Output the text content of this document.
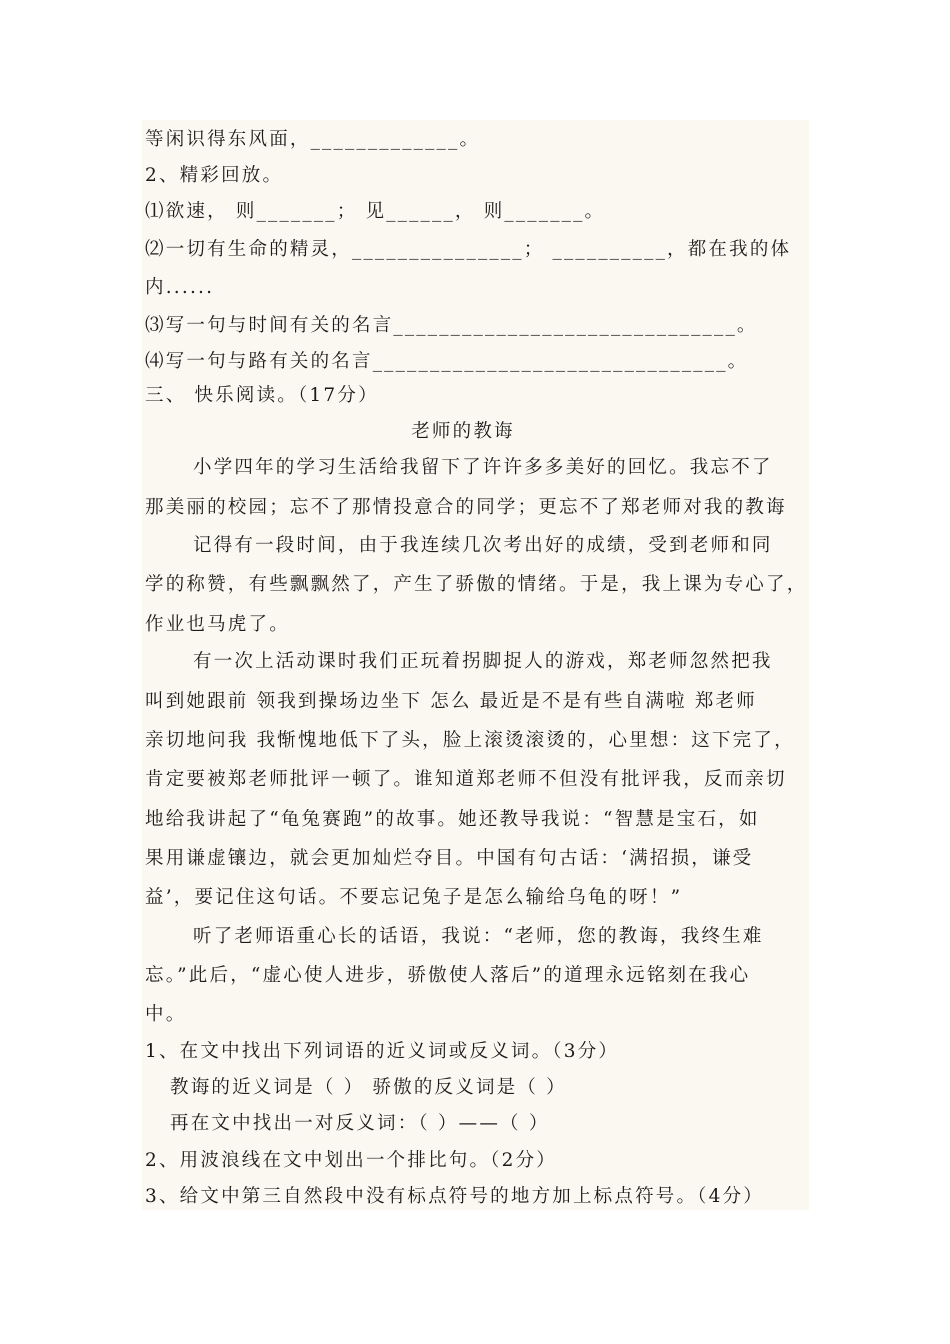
等闲识得东风面，_____________。
2、精彩回放。
⑴欲速， 则_______； 见______， 则_______。
⑵一切有生命的精灵，_______________； __________，都在我的体
内......
⑶写一句与时间有关的名言______________________________。
⑷写一句与路有关的名言_______________________________。
三、 快乐阅读。（17分）
老师的教诲
小学四年的学习生活给我留下了许许多多美好的回忆。我忘不了
那美丽的校园；忘不了那情投意合的同学；更忘不了郑老师对我的教诲
记得有一段时间，由于我连续几次考出好的成绩，受到老师和同
学的称赞，有些飘飘然了，产生了骄傲的情绪。于是，我上课为专心了，
作业也马虎了。
有一次上活动课时我们正玩着拐脚捉人的游戏，郑老师忽然把我
叫到她跟前 领我到操场边坐下 怎么 最近是不是有些自满啦 郑老师
亲切地问我 我惭愧地低下了头，脸上滚烫滚烫的，心里想：这下完了，
肯定要被郑老师批评一顿了。谁知道郑老师不但没有批评我，反而亲切
地给我讲起了“龟兔赛跑”的故事。她还教导我说：“智慧是宝石，如
果用谦虚镶边，就会更加灿烂夺目。中国有句古话：‘满招损，谦受
益’，要记住这句话。不要忘记兔子是怎么输给乌龟的呀！”
听了老师语重心长的话语，我说：“老师，您的教诲，我终生难
忘。”此后，“虚心使人进步，骄傲使人落后”的道理永远铭刻在我心
中。
1、在文中找出下列词语的近义词或反义词。（3分）
教诲的近义词是（ ） 骄傲的反义词是（ ）
再在文中找出一对反义词：（ ）——（ ）
2、用波浪线在文中划出一个排比句。（2分）
3、给文中第三自然段中没有标点符号的地方加上标点符号。（4分）
